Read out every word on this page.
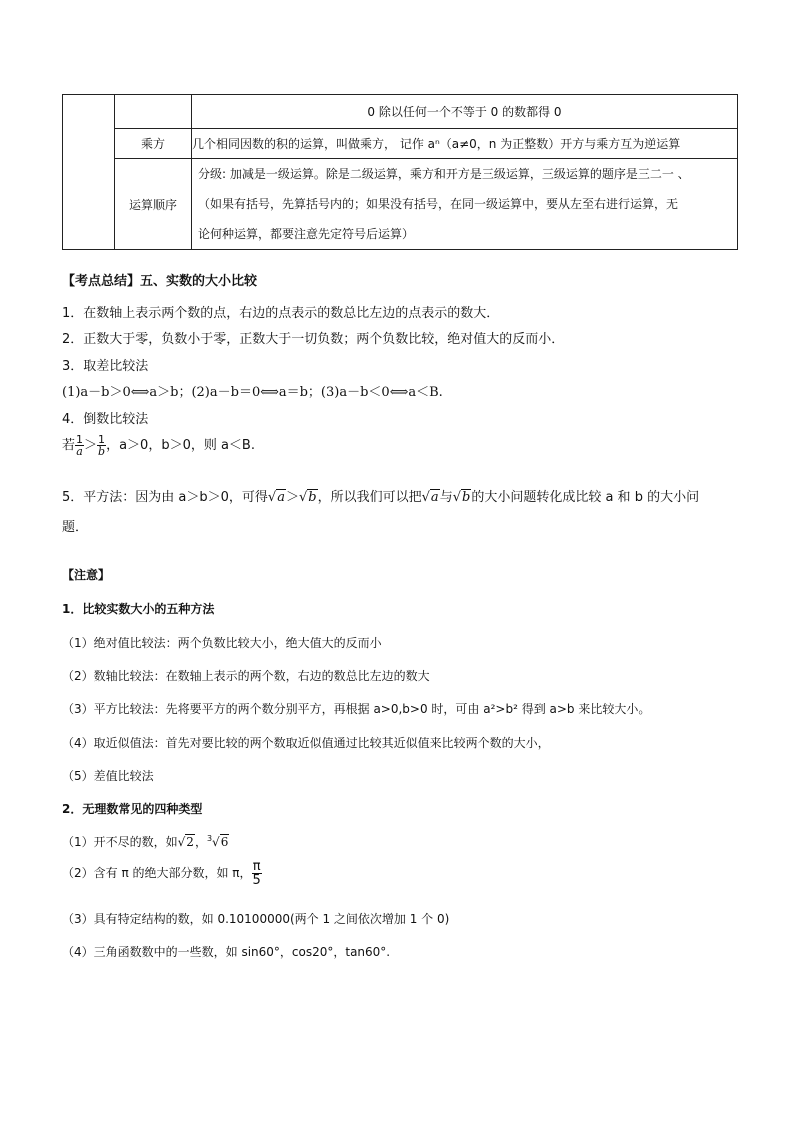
		0 除以任何一个不等于 0 的数都得 0
	乘方	几个相同因数的积的运算，叫做乘方， 记作 aⁿ（a≠0，n 为正整数）开方与乘方互为逆运算
	运算顺序	分级: 加减是一级运算。除是二级运算，乘方和开方是三级运算，三级运算的题序是三二一 、
（如果有括号，先算括号内的；如果没有括号，在同一级运算中，要从左至右进行运算，无
论何种运算，都要注意先定符号后运算）
【考点总结】五、实数的大小比较
1．在数轴上表示两个数的点，右边的点表示的数总比左边的点表示的数大．
2．正数大于零，负数小于零，正数大于一切负数；两个负数比较，绝对值大的反而小．
3．取差比较法
(1)a－b＞0⟺a＞b；(2)a－b＝0⟺a＝b；(3)a－b＜0⟺a＜B.
4．倒数比较法
若 $\frac{1}{a} > \frac{1}{b}$ ，a＞0，b＞0，则 a＜B.
5．平方法：因为由 a＞b＞0，可得√a＞√b，所以我们可以把√a与√b的大小问题转化成比较 a 和 b 的大小问
题．
【注意】
1．比较实数大小的五种方法
（1）绝对值比较法：两个负数比较大小，绝大值大的反而小
（2）数轴比较法：在数轴上表示的两个数，右边的数总比左边的数大
（3）平方比较法：先将要平方的两个数分别平方，再根据 a>0,b>0 时，可由 a²>b² 得到 a>b 来比较大小。
（4）取近似值法：首先对要比较的两个数取近似值通过比较其近似值来比较两个数的大小，
（5）差值比较法
2．无理数常见的四种类型
（1）开不尽的数，如√2，$^3$√6
（2）含有 π 的绝大部分数，如 π， $\frac{\pi}{5}$
（3）具有特定结构的数，如 0.10100000(两个 1 之间依次增加 1 个 0)
（4）三角函数数中的一些数，如 sin60°，cos20°，tan60°.
